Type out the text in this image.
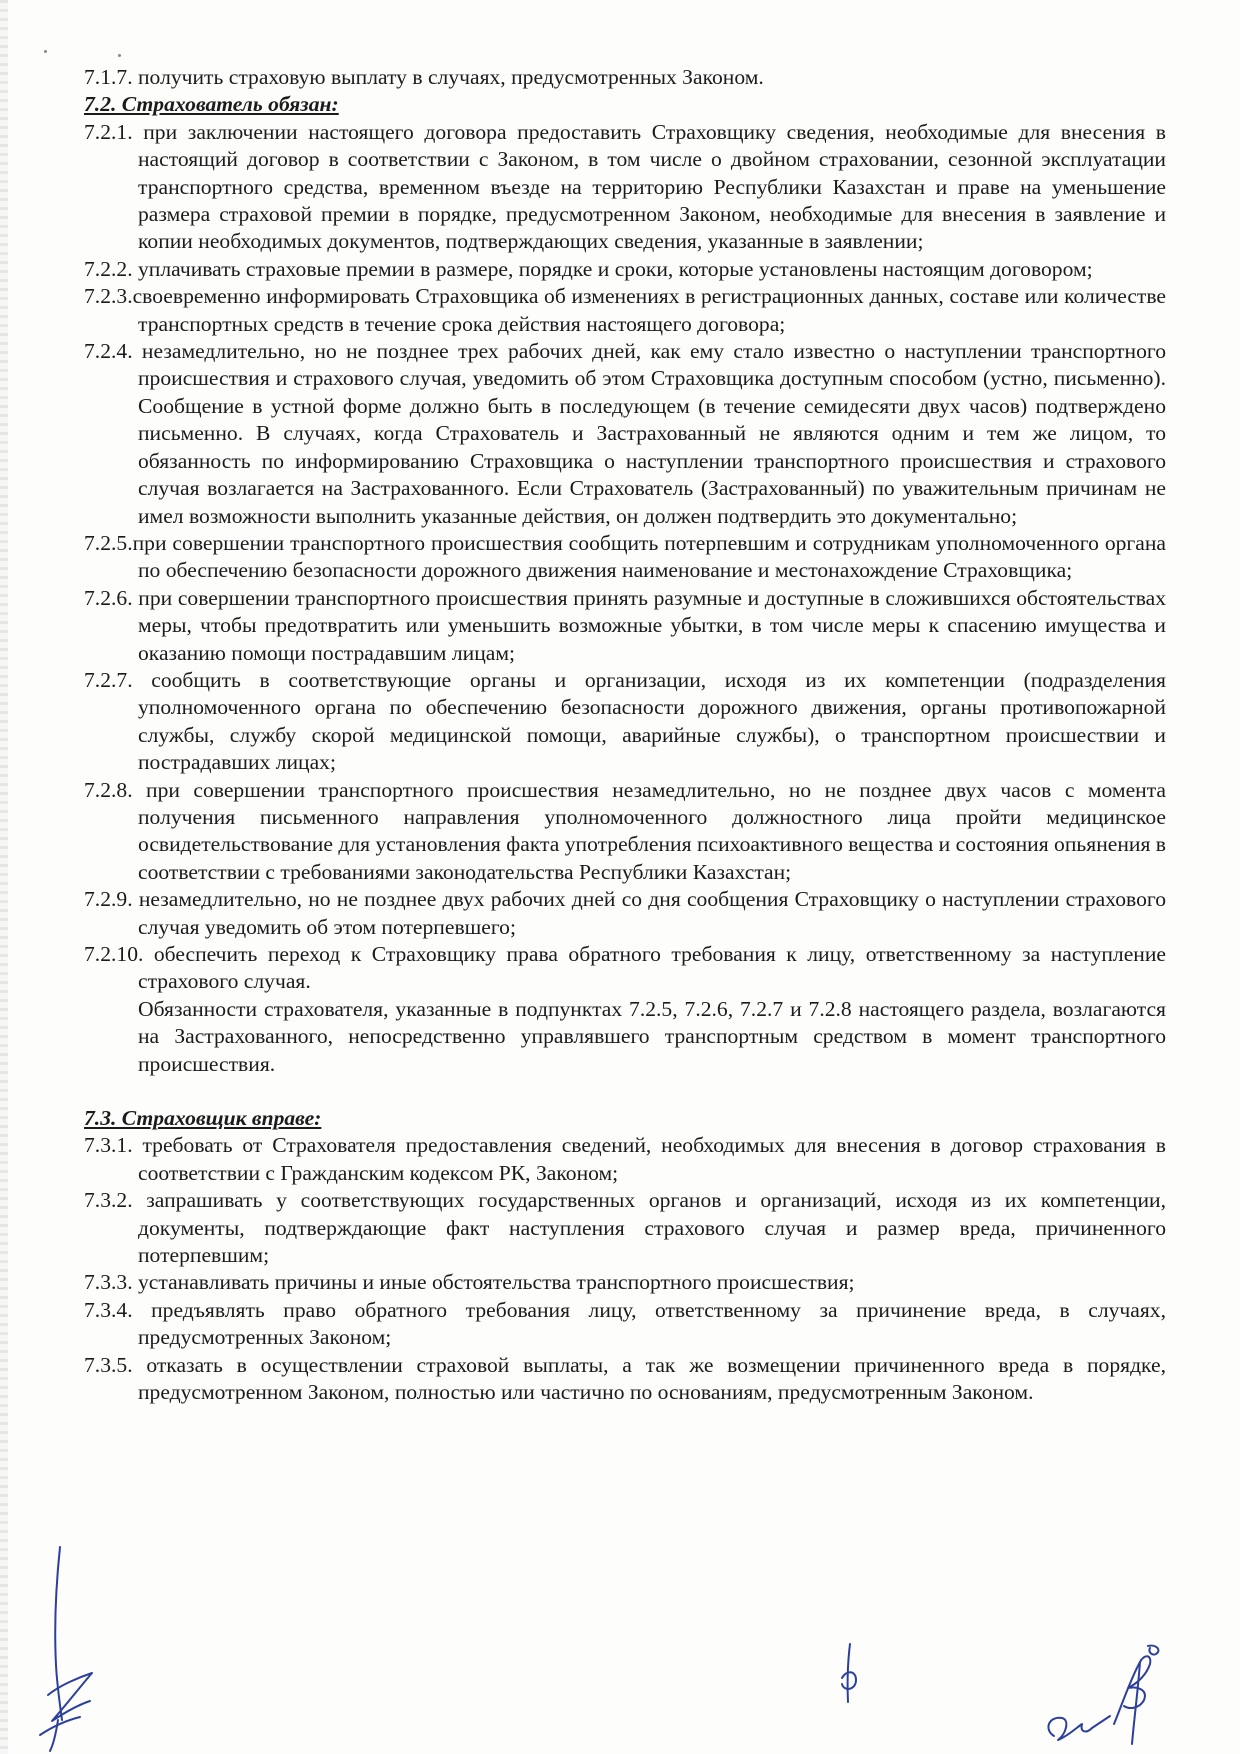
7.1.7. получить страховую выплату в случаях, предусмотренных Законом.

7.2. Страхователь обязан:

7.2.1. при заключении настоящего договора предоставить Страховщику сведения, необходимые для внесения в настоящий договор в соответствии с Законом, в том числе о двойном страховании, сезонной эксплуатации транспортного средства, временном въезде на территорию Республики Казахстан и праве на уменьшение размера страховой премии в порядке, предусмотренном Законом, необходимые для внесения в заявление и копии необходимых документов, подтверждающих сведения, указанные в заявлении;

7.2.2. уплачивать страховые премии в размере, порядке и сроки, которые установлены настоящим договором;

7.2.3.своевременно информировать Страховщика об изменениях в регистрационных данных, составе или количестве транспортных средств в течение срока действия настоящего договора;

7.2.4. незамедлительно, но не позднее трех рабочих дней, как ему стало известно о наступлении транспортного происшествия и страхового случая, уведомить об этом Страховщика доступным способом (устно, письменно). Сообщение в устной форме должно быть в последующем (в течение семидесяти двух часов) подтверждено письменно. В случаях, когда Страхователь и Застрахованный не являются одним и тем же лицом, то обязанность по информированию Страховщика о наступлении транспортного происшествия и страхового случая возлагается на Застрахованного. Если Страхователь (Застрахованный) по уважительным причинам не имел возможности выполнить указанные действия, он должен подтвердить это документально;

7.2.5.при совершении транспортного происшествия сообщить потерпевшим и сотрудникам уполномоченного органа по обеспечению безопасности дорожного движения наименование и местонахождение Страховщика;

7.2.6. при совершении транспортного происшествия принять разумные и доступные в сложившихся обстоятельствах меры, чтобы предотвратить или уменьшить возможные убытки, в том числе меры к спасению имущества и оказанию помощи пострадавшим лицам;

7.2.7. сообщить в соответствующие органы и организации, исходя из их компетенции (подразделения уполномоченного органа по обеспечению безопасности дорожного движения, органы противопожарной службы, службу скорой медицинской помощи, аварийные службы), о транспортном происшествии и пострадавших лицах;

7.2.8. при совершении транспортного происшествия незамедлительно, но не позднее двух часов с момента получения письменного направления уполномоченного должностного лица пройти медицинское освидетельствование для установления факта употребления психоактивного вещества и состояния опьянения в соответствии с требованиями законодательства Республики Казахстан;

7.2.9. незамедлительно, но не позднее двух рабочих дней со дня сообщения Страховщику о наступлении страхового случая уведомить об этом потерпевшего;

7.2.10. обеспечить переход к Страховщику права обратного требования к лицу, ответственному за наступление страхового случая.

Обязанности страхователя, указанные в подпунктах 7.2.5, 7.2.6, 7.2.7 и 7.2.8 настоящего раздела, возлагаются на Застрахованного, непосредственно управлявшего транспортным средством в момент транспортного происшествия.

7.3. Страховщик вправе:

7.3.1. требовать от Страхователя предоставления сведений, необходимых для внесения в договор страхования в соответствии с Гражданским кодексом РК, Законом;

7.3.2. запрашивать у соответствующих государственных органов и организаций, исходя из их компетенции, документы, подтверждающие факт наступления страхового случая и размер вреда, причиненного потерпевшим;

7.3.3. устанавливать причины и иные обстоятельства транспортного происшествия;

7.3.4. предъявлять право обратного требования лицу, ответственному за причинение вреда, в случаях, предусмотренных Законом;

7.3.5. отказать в осуществлении страховой выплаты, а так же возмещении причиненного вреда в порядке, предусмотренном Законом, полностью или частично по основаниям, предусмотренным Законом.
